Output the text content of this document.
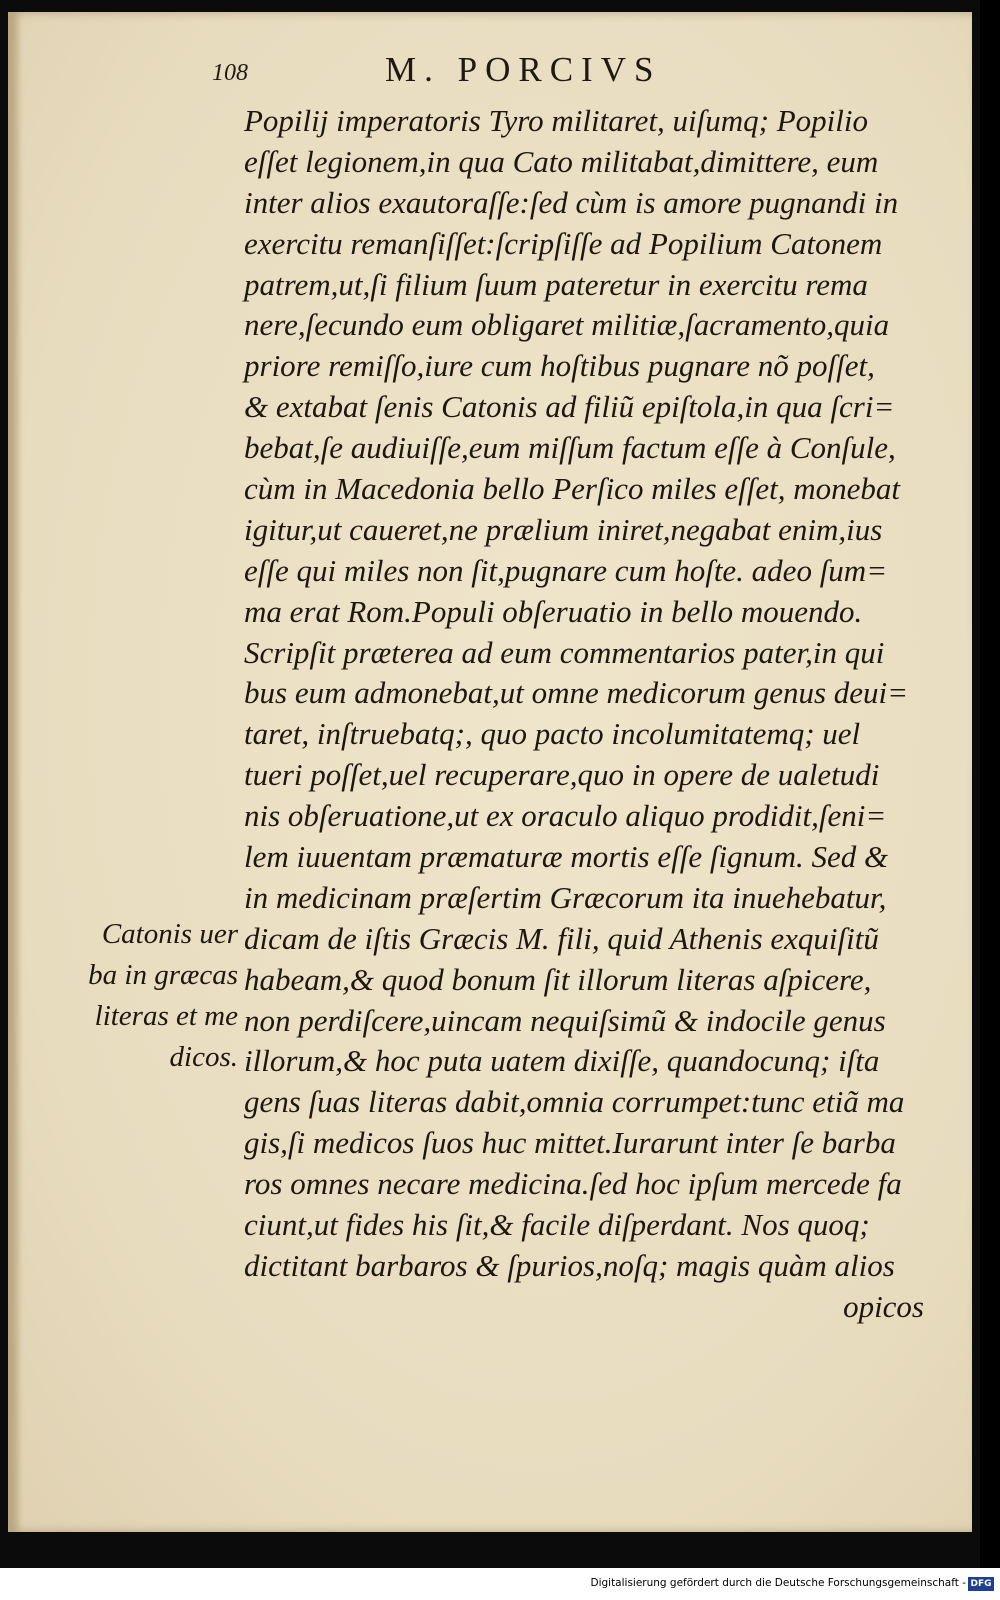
108	M. PORCIVS
Popilij imperatoris Tyro militaret, uiſumq; Popilio
eſſet legionem,in qua Cato militabat,dimittere, eum
inter alios exautoraſſe:ſed cùm is amore pugnandi in
exercitu remanſiſſet:ſcripſiſſe ad Popilium Catonem
patrem,ut,ſi filium ſuum pateretur in exercitu rema
nere,ſecundo eum obligaret militiæ,ſacramento,quia
priore remiſſo,iure cum hoſtibus pugnare nõ poſſet,
& extabat ſenis Catonis ad filiũ epiſtola,in qua ſcri=
bebat,ſe audiuiſſe,eum miſſum factum eſſe à Conſule,
cùm in Macedonia bello Perſico miles eſſet, monebat
igitur,ut caueret,ne prælium iniret,negabat enim,ius
eſſe qui miles non ſit,pugnare cum hoſte. adeo ſum=
ma erat Rom.Populi obſeruatio in bello mouendo.
Scripſit præterea ad eum commentarios pater,in qui
bus eum admonebat,ut omne medicorum genus deui=
taret, inſtruebatq;, quo pacto incolumitatemq; uel
tueri poſſet,uel recuperare,quo in opere de ualetudi
nis obſeruatione,ut ex oraculo aliquo prodidit,ſeni=
lem iuuentam præmaturæ mortis eſſe ſignum. Sed &
in medicinam præſertim Græcorum ita inuehebatur,
dicam de iſtis Græcis M. fili, quid Athenis exquiſitũ
habeam,& quod bonum ſit illorum literas aſpicere,
non perdiſcere,uincam nequiſsimũ & indocile genus
illorum,& hoc puta uatem dixiſſe, quandocunq; iſta
gens ſuas literas dabit,omnia corrumpet:tunc etiã ma
gis,ſi medicos ſuos huc mittet.Iurarunt inter ſe barba
ros omnes necare medicina.ſed hoc ipſum mercede fa
ciunt,ut fides his ſit,& facile diſperdant. Nos quoq;
dictitant barbaros & ſpurios,noſq; magis quàm alios
opicos
Catonis uer
ba in græcas
literas et me
dicos.
Digitalisierung gefördert durch die Deutsche Forschungsgemeinschaft - DFG
